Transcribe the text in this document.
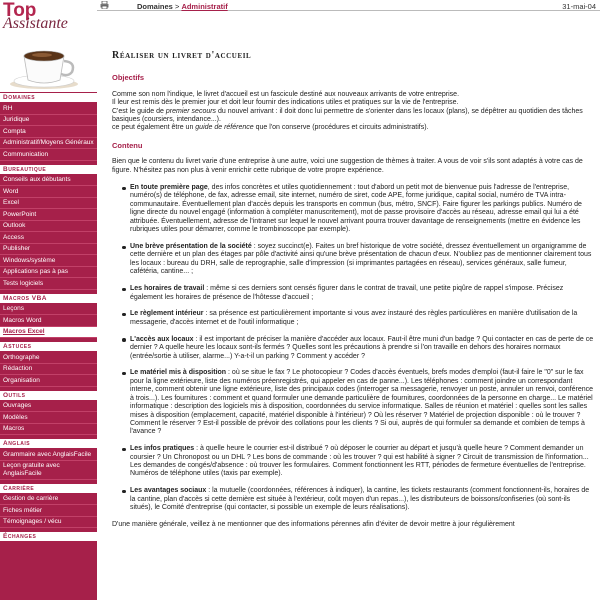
Top
Assistante
Domaines
RH
Juridique
Compta
Administratif/Moyens Généraux
Communication
Bureautique
Conseils aux débutants
Word
Excel
PowerPoint
Outlook
Access
Publisher
Windows/système
Applications pas à pas
Tests logiciels
Macros VBA
Leçons
Macros Word
Macros Excel
Astuces
Orthographe
Rédaction
Organisation
Outils
Ouvrages
Modèles
Macros
Anglais
Grammaire avec AnglaisFacile
Leçon gratuite avec AnglaisFacile
Carrière
Gestion de carrière
Fiches métier
Témoignages / vécu
Échanges
Domaines > Administratif	31-mai-04
Réaliser un livret d'accueil
Objectifs

Comme son nom l'indique, le livret d'accueil est un fascicule destiné aux nouveaux arrivants de votre entreprise.

Il leur est remis dès le premier jour et doit leur fournir des indications utiles et pratiques sur la vie de l'entreprise.

C'est le guide de premier secours du nouvel arrivant : il doit donc lui permettre de s'orienter dans les locaux (plans), se dépêtrer au quotidien des tâches basiques (coursiers, intendance...).

ce peut également être un guide de référence que l'on conserve (procédures et circuits administratifs).

Contenu

Bien que le contenu du livret varie d'une entreprise à une autre, voici une suggestion de thèmes à traiter. A vous de voir s'ils sont adaptés à votre cas de figure. N'hésitez pas non plus à venir enrichir cette rubrique de votre propre expérience.

En toute première page, des infos concrètes et utiles quotidiennement : tout d'abord un petit mot de bienvenue puis l'adresse de l'entreprise, numéro(s) de téléphone, de fax, adresse email, site internet, numéro de siret, code APE, forme juridique, capital social, numéro de TVA intra-communautaire. Éventuellement plan d'accès depuis les transports en commun (bus, métro, SNCF). Faire figurer les parkings publics. Numéro de ligne directe du nouvel engagé (information à compléter manuscritement), mot de passe provisoire d'accès au réseau, adresse email qui lui a été attribuée. Éventuellement, adresse de l'intranet sur lequel le nouvel arrivant pourra trouver davantage de renseignements (mettre en évidence les rubriques utiles pour démarrer, comme le trombinoscope par exemple).
Une brève présentation de la société : soyez succinct(e). Faites un bref historique de votre société, dressez éventuellement un organigramme de cette dernière et un plan des étages par pôle d'activité ainsi qu'une brève présentation de chacun d'eux. N'oubliez pas de mentionner clairement tous les locaux : bureau du DRH, salle de reprographie, salle d'impression (si imprimantes partagées en réseau), services généraux, salle fumeur, cafétéria, cantine... ;
Les horaires de travail : même si ces derniers sont censés figurer dans le contrat de travail, une petite piqûre de rappel s'impose. Précisez également les horaires de présence de l'hôtesse d'accueil ;
Le règlement intérieur : sa présence est particulièrement importante si vous avez instauré des règles particulières en manière d'utilisation de la messagerie, d'accès internet et de l'outil informatique ;
L'accès aux locaux : il est important de préciser la manière d'accéder aux locaux. Faut-il être muni d'un badge ? Qui contacter en cas de perte de ce dernier ? A quelle heure les locaux sont-ils fermés ? Quelles sont les précautions à prendre si l'on travaille en dehors des horaires normaux (entrée/sortie à utiliser, alarme...) Y-a-t-il un parking ? Comment y accéder ?
Le matériel mis à disposition : où se situe le fax ? Le photocopieur ? Codes d'accès éventuels, brefs modes d'emploi (faut-il faire le "0" sur le fax pour la ligne extérieure, liste des numéros préenregistrés, qui appeler en cas de panne...). Les téléphones : comment joindre un correspondant interne, comment obtenir une ligne extérieure, liste des principaux codes (interroger sa messagerie, renvoyer un poste, annuler un renvoi, conférence à trois...). Les fournitures : comment et quand formuler une demande particulière de fournitures, coordonnées de la personne en charge... Le matériel informatique : description des logiciels mis à disposition, coordonnées du service informatique. Salles de réunion et matériel : quelles sont les salles mises à disposition (emplacement, capacité, matériel disponible à l'intérieur) ? Où les réserver ? Matériel de projection disponible : où le trouver ? Comment le réserver ? Est-il possible de prévoir des collations pour les clients ? Si oui, auprès de qui formuler sa demande et combien de temps à l'avance ?
Les infos pratiques : à quelle heure le courrier est-il distribué ? où déposer le courrier au départ et jusqu'à quelle heure ? Comment demander un coursier ? Un Chronopost ou un DHL ? Les bons de commande : où les trouver ? qui est habilité à signer ? Circuit de transmission de l'information... Les demandes de congés/d'absence : où trouver les formulaires. Comment fonctionnent les RTT, périodes de fermeture éventuelles de l'entreprise. Numéros de téléphone utiles (taxis par exemple).
Les avantages sociaux : la mutuelle (coordonnées, références à indiquer), la cantine, les tickets restaurants (comment fonctionnent-ils, horaires de la cantine, plan d'accès si cette dernière est située à l'extérieur, coût moyen d'un repas...), les distributeurs de boissons/confiseries (où sont-ils situés), le Comité d'entreprise (qui contacter, si possible un exemple de leurs réalisations).

D'une manière générale, veillez à ne mentionner que des informations pérennes afin d'éviter de devoir mettre à jour régulièrement
